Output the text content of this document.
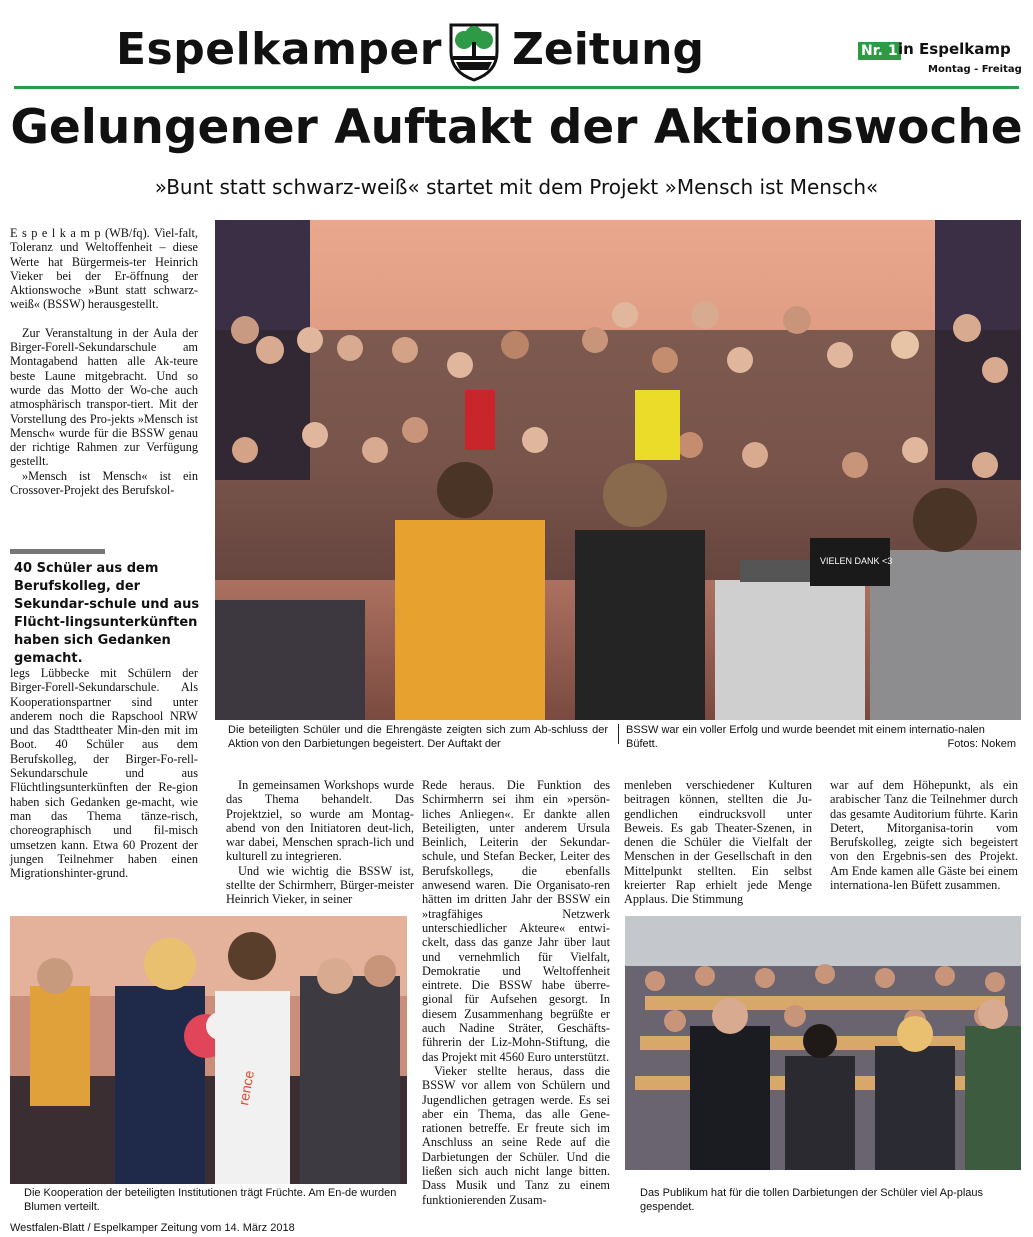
Espelkamper Zeitung	Nr. 1 in Espelkamp
Montag - Freitag
Gelungener Auftakt der Aktionswoche
»Bunt statt schwarz-weiß« startet mit dem Projekt »Mensch ist Mensch«

E s p e l k a m p (WB/fq). Viel-falt, Toleranz und Weltoffenheit – diese Werte hat Bürgermeis-ter Heinrich Vieker bei der Er-öffnung der Aktionswoche »Bunt statt schwarz-weiß« (BSSW) herausgestellt.

Zur Veranstaltung in der Aula der Birger-Forell-Sekundarschule am Montagabend hatten alle Ak-teure beste Laune mitgebracht. Und so wurde das Motto der Wo-che auch atmosphärisch transpor-tiert. Mit der Vorstellung des Pro-jekts »Mensch ist Mensch« wurde für die BSSW genau der richtige Rahmen zur Verfügung gestellt.

»Mensch ist Mensch« ist ein Crossover-Projekt des Berufskol-

40 Schüler aus dem Berufskolleg, der Sekundar-schule und aus Flücht-lingsunterkünften haben sich Gedanken gemacht.

legs Lübbecke mit Schülern der Birger-Forell-Sekundarschule. Als Kooperationspartner sind unter anderem noch die Rapschool NRW und das Stadttheater Min-den mit im Boot. 40 Schüler aus dem Berufskolleg, der Birger-Fo-rell-Sekundarschule und aus Flüchtlingsunterkünften der Re-gion haben sich Gedanken ge-macht, wie man das Thema tänze-risch, choreographisch und fil-misch umsetzen kann. Etwa 60 Prozent der jungen Teilnehmer haben einen Migrationshinter-grund.

VIELEN DANK <3
Die beteiligten Schüler und die Ehrengäste zeigten sich zum Ab-schluss der Aktion von den Darbietungen begeistert. Der Auftakt der
BSSW war ein voller Erfolg und wurde beendet mit einem internatio-nalen Büfett.	Fotos: Nokem

In gemeinsamen Workshops wurde das Thema behandelt. Das Projektziel, so wurde am Montag-abend von den Initiatoren deut-lich, war dabei, Menschen sprach-lich und kulturell zu integrieren.

Und wie wichtig die BSSW ist, stellte der Schirmherr, Bürger-meister Heinrich Vieker, in seiner

Rede heraus. Die Funktion des Schirmherrn sei ihm ein »persön-liches Anliegen«. Er dankte allen Beteiligten, unter anderem Ursula Beinlich, Leiterin der Sekundar-schule, und Stefan Becker, Leiter des Berufskollegs, die ebenfalls anwesend waren. Die Organisato-ren hätten im dritten Jahr der BSSW ein »tragfähiges Netzwerk unterschiedlicher Akteure« entwi-ckelt, dass das ganze Jahr über laut und vernehmlich für Vielfalt, Demokratie und Weltoffenheit eintrete. Die BSSW habe überre-gional für Aufsehen gesorgt. In diesem Zusammenhang begrüßte er auch Nadine Sträter, Geschäfts-führerin der Liz-Mohn-Stiftung, die das Projekt mit 4560 Euro unterstützt.

Vieker stellte heraus, dass die BSSW vor allem von Schülern und Jugendlichen getragen werde. Es sei aber ein Thema, das alle Gene-rationen betreffe. Er freute sich im Anschluss an seine Rede auf die Darbietungen der Schüler. Und die ließen sich auch nicht lange bitten. Dass Musik und Tanz zu einem funktionierenden Zusam-

menleben verschiedener Kulturen beitragen können, stellten die Ju-gendlichen eindrucksvoll unter Beweis. Es gab Theater-Szenen, in denen die Schüler die Vielfalt der Menschen in der Gesellschaft in den Mittelpunkt stellten. Ein selbst kreierter Rap erhielt jede Menge Applaus. Die Stimmung

war auf dem Höhepunkt, als ein arabischer Tanz die Teilnehmer durch das gesamte Auditorium führte. Karin Detert, Mitorganisa-torin vom Berufskolleg, zeigte sich begeistert von den Ergebnis-sen des Projekt. Am Ende kamen alle Gäste bei einem internationa-len Büfett zusammen.

rence
Die Kooperation der beteiligten Institutionen trägt Früchte. Am En-de wurden Blumen verteilt.
Das Publikum hat für die tollen Darbietungen der Schüler viel Ap-plaus gespendet.
Westfalen-Blatt / Espelkamper Zeitung vom 14. März 2018
